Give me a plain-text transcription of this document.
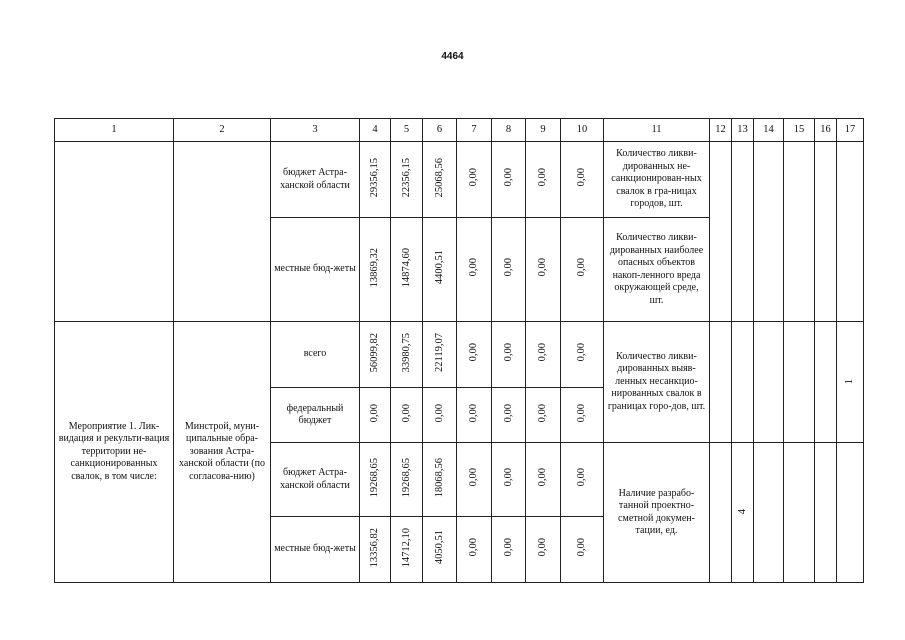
4464
1	2	3	4	5	6	7	8	9	10	11	12	13	14	15	16	17
		бюджет Астра-ханской области	29356,15	22356,15	25068,56	0,00	0,00	0,00	0,00	Количество ликви-дированных не-санкционирован-ных свалок в гра-ницах городов, шт.						
		местные бюд-жеты	13869,32	14874,60	4400,51	0,00	0,00	0,00	0,00	Количество ликви-дированных наиболее опасных объектов накоп-ленного вреда окружающей среде, шт.						
Мероприятие 1. Лик-видация и рекульти-вация территории не-санкционированных свалок, в том числе:	Минстрой, муни-ципальные обра-зования Астра-ханской области (по согласова-нию)	всего	56099,82	33980,75	22119,07	0,00	0,00	0,00	0,00	Количество ликви-дированных выяв-ленных несанкцио-нированных свалок в границах горо-дов, шт.						1
		федеральный бюджет	0,00	0,00	0,00	0,00	0,00	0,00	0,00							
		бюджет Астра-ханской области	19268,65	19268,65	18068,56	0,00	0,00	0,00	0,00	Наличие разрабо-танной проектно-сметной докумен-тации, ед.		4				
		местные бюд-жеты	13356,82	14712,10	4050,51	0,00	0,00	0,00	0,00							
